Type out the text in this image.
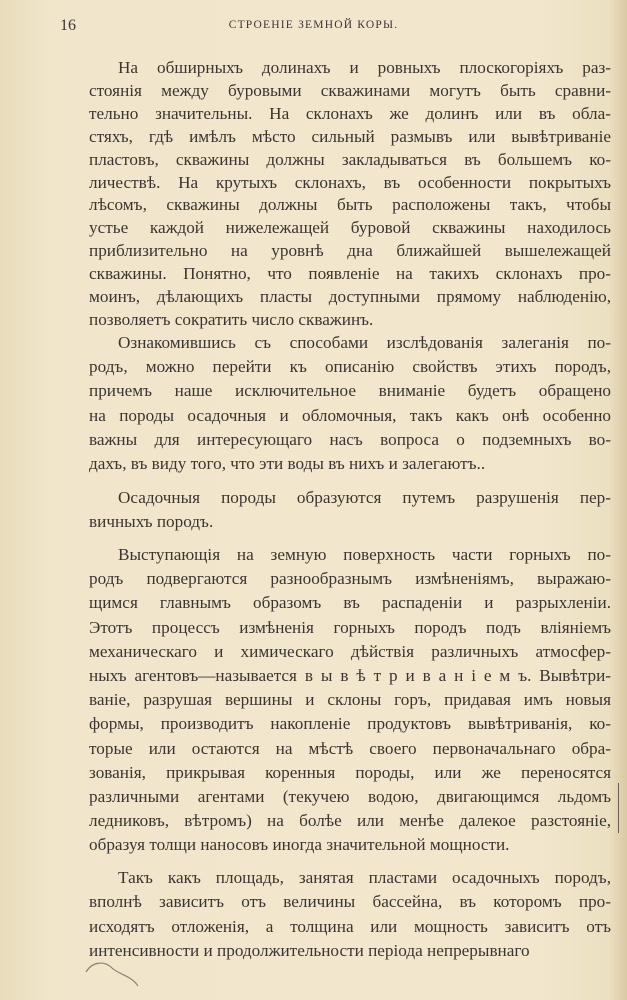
16	СТРОЕНІЕ ЗЕМНОЙ КОРЫ.
На обширныхъ долинахъ и ровныхъ плоскогоріяхъ раз-
стоянія между буровыми скважинами могутъ быть сравни-
тельно значительны. На склонахъ же долинъ или въ обла-
стяхъ, гдѣ имѣлъ мѣсто сильный размывъ или вывѣтриваніе
пластовъ, скважины должны закладываться въ большемъ ко-
личествѣ. На крутыхъ склонахъ, въ особенности покрытыхъ
лѣсомъ, скважины должны быть расположены такъ, чтобы
устье каждой нижележащей буровой скважины находилось
приблизительно на уровнѣ дна ближайшей вышележащей
скважины. Понятно, что появленіе на такихъ склонахъ про-
моинъ, дѣлающихъ пласты доступными прямому наблюденію,
позволяетъ сократить число скважинъ.
Ознакомившись съ способами изслѣдованія залеганія по-
родъ, можно перейти къ описанію свойствъ этихъ породъ,
причемъ наше исключительное вниманіе будетъ обращено
на породы осадочныя и обломочныя, такъ какъ онѣ особенно
важны для интересующаго насъ вопроса о подземныхъ во-
дахъ, въ виду того, что эти воды въ нихъ и залегаютъ..
Осадочныя породы образуются путемъ разрушенія пер-
вичныхъ породъ.
Выступающія на земную поверхность части горныхъ по-
родъ подвергаются разнообразнымъ измѣненіямъ, выражаю-
щимся главнымъ образомъ въ распаденіи и разрыхленіи.
Этотъ процессъ измѣненія горныхъ породъ подъ вліяніемъ
механическаго и химическаго дѣйствія различныхъ атмосфер-
ныхъ агентовъ—называется в ы в ѣ т р и в а н і е м ъ. Вывѣтри-
ваніе, разрушая вершины и склоны горъ, придавая имъ новыя
формы, производитъ накопленіе продуктовъ вывѣтриванія, ко-
торые или остаются на мѣстѣ своего первоначальнаго обра-
зованія, прикрывая коренныя породы, или же переносятся
различными агентами (текучею водою, двигающимся льдомъ
ледниковъ, вѣтромъ) на болѣе или менѣе далекое разстояніе,
образуя толщи наносовъ иногда значительной мощности.
Такъ какъ площадь, занятая пластами осадочныхъ породъ,
вполнѣ зависитъ отъ величины бассейна, въ которомъ про-
исходятъ отложенія, а толщина или мощность зависитъ отъ
интенсивности и продолжительности періода непрерывнаго
